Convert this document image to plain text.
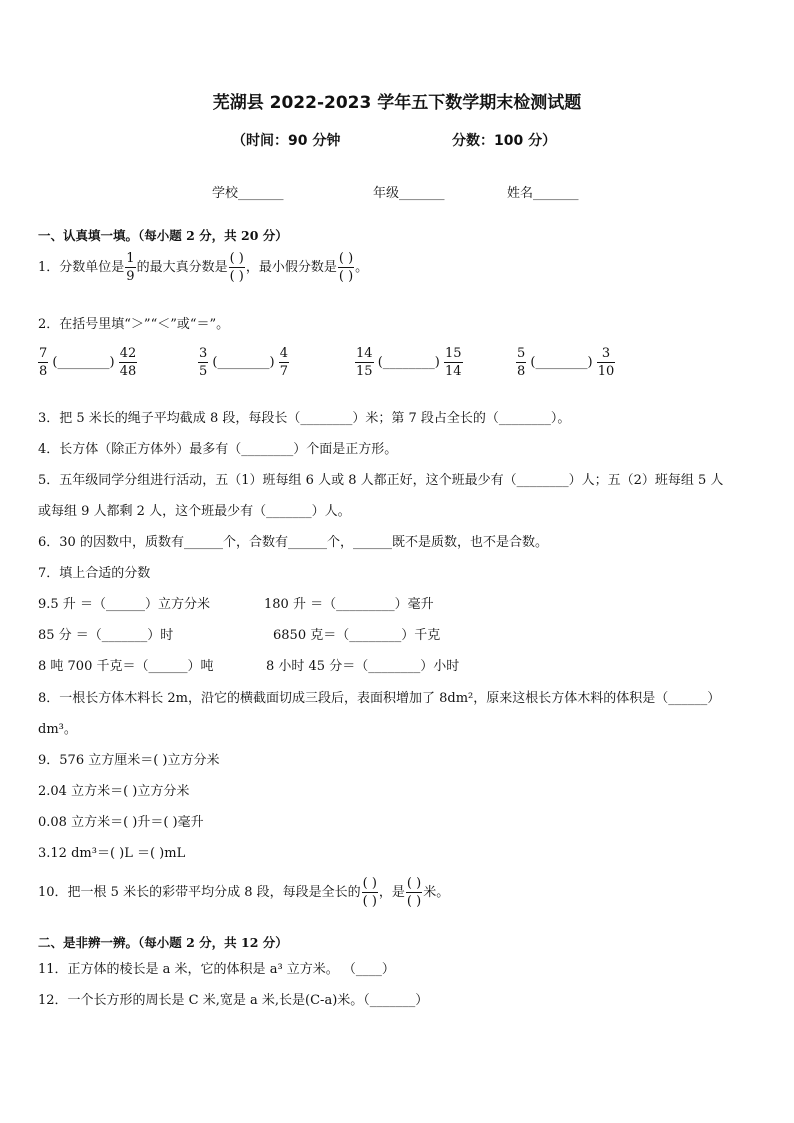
芜湖县 2022-2023 学年五下数学期末检测试题
（时间：90 分钟	分数：100 分）
学校_______	年级_______	姓名_______
一、认真填一填。（每小题 2 分，共 20 分）
1．分数单位是 $\frac{1}{9}$ 的最大真分数是
( )
( )
，最小假分数是
( )
( )
。
2．在括号里填“＞”“＜”或“＝”。
$\frac{7}{8}$ (________) $\frac{42}{48}$	$\frac{3}{5}$ (________) $\frac{4}{7}$	$\frac{14}{15}$ (________) $\frac{15}{14}$	$\frac{5}{8}$ (________) $\frac{3}{10}$
3．把 5 米长的绳子平均截成 8 段，每段长（________）米；第 7 段占全长的（________）。
4．长方体（除正方体外）最多有（________）个面是正方形。
5．五年级同学分组进行活动，五（1）班每组 6 人或 8 人都正好，这个班最少有（________）人；五（2）班每组 5 人
或每组 9 人都剩 2 人，这个班最少有（_______）人。
6．30 的因数中，质数有______个，合数有______个，______既不是质数，也不是合数。
7．填上合适的分数
9.5 升 ＝（______）立方分米	180 升 ＝（_________）毫升
85 分 ＝（_______）时	6850 克＝（________）千克
8 吨 700 千克＝（______）吨	8 小时 45 分＝（________）小时
8．一根长方体木料长 2m，沿它的横截面切成三段后，表面积增加了 8dm²，原来这根长方体木料的体积是（______）
dm³。
9．576 立方厘米＝( )立方分米
2.04 立方米＝( )立方分米
0.08 立方米＝( )升＝( )毫升
3.12 dm³＝( )L ＝( )mL
10．把一根 5 米长的彩带平均分成 8 段，每段是全长的
( )
( )
，是
( )
( )
米。
二、是非辨一辨。（每小题 2 分，共 12 分）
11．正方体的棱长是 a 米，它的体积是 a³ 立方米。 （____）
12．一个长方形的周长是 C 米,宽是 a 米,长是(C-a)米。（_______）
